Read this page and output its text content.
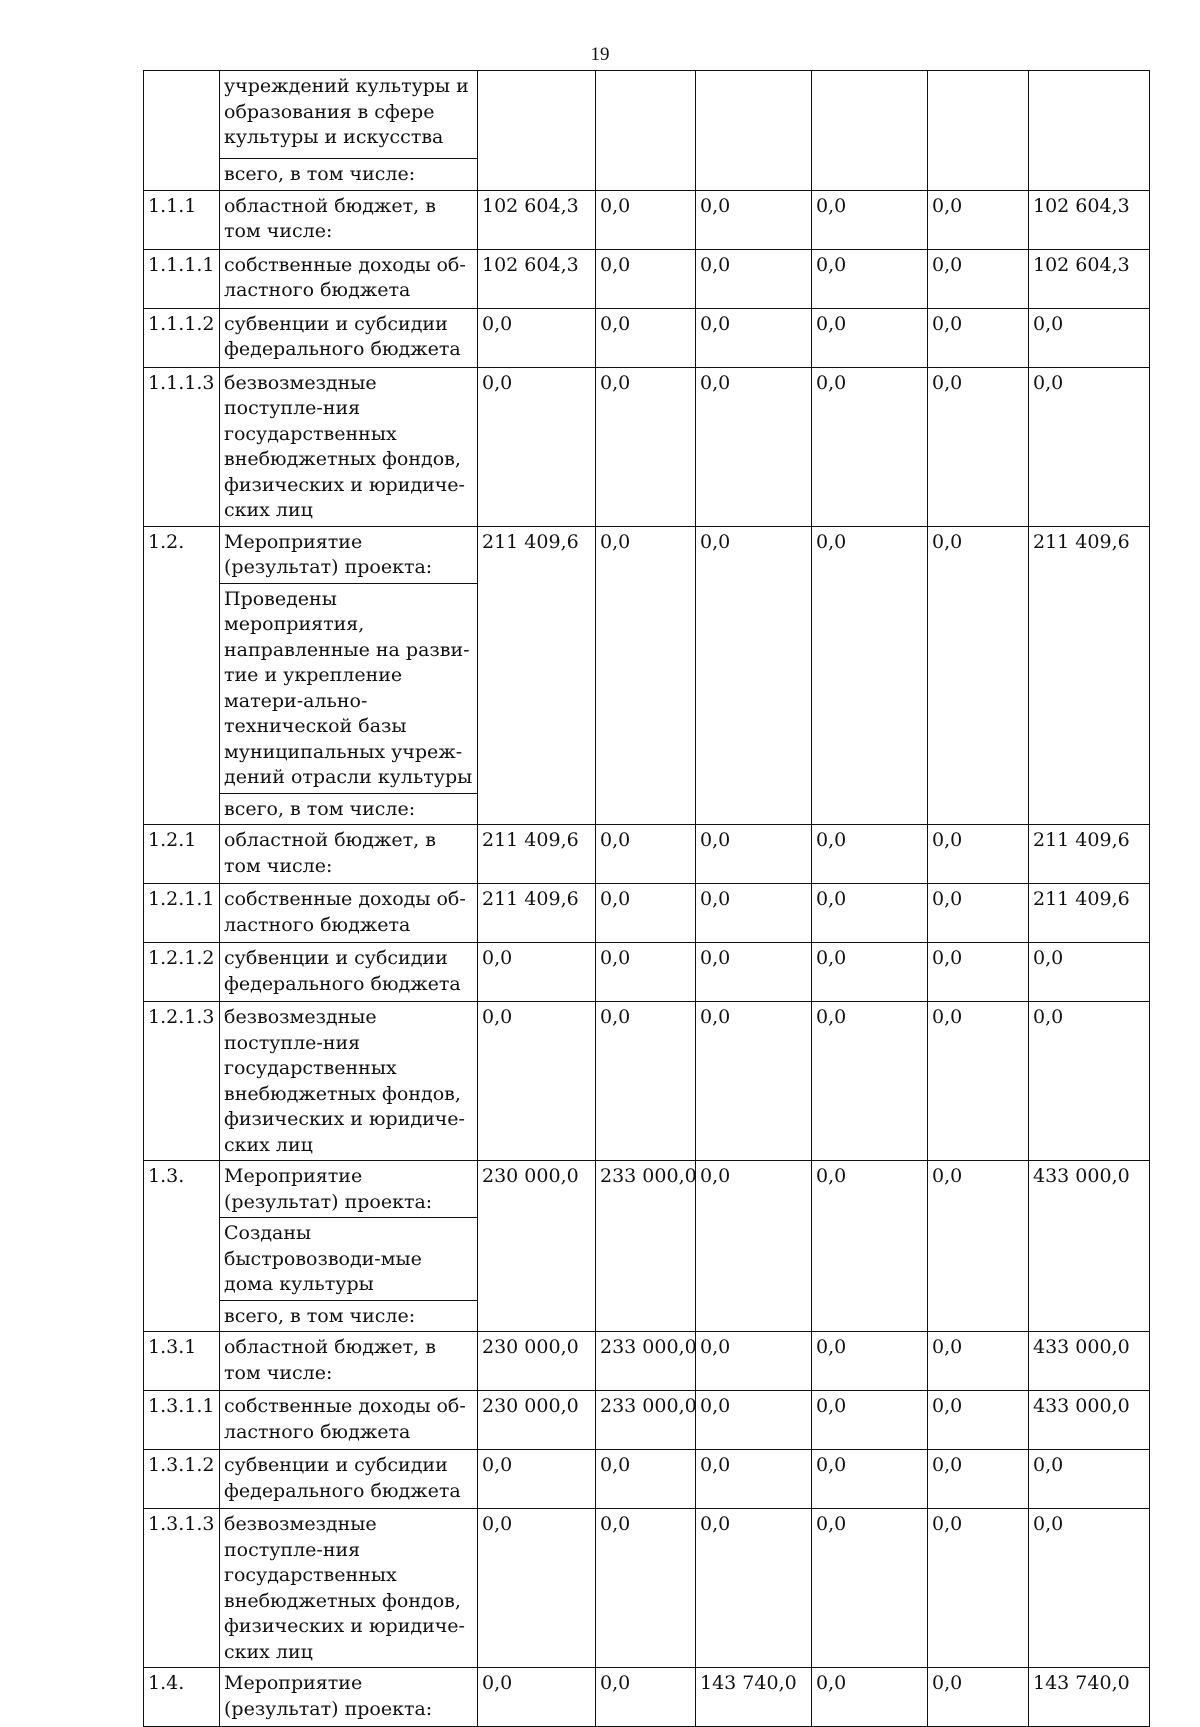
19
	учреждений культуры и образования в сфере культуры и искусства						
	всего, в том числе:						
1.1.1	областной бюджет, в том числе:	102 604,3	0,0	0,0	0,0	0,0	102 604,3
1.1.1.1	собственные доходы об-ластного бюджета	102 604,3	0,0	0,0	0,0	0,0	102 604,3
1.1.1.2	субвенции и субсидии федерального бюджета	0,0	0,0	0,0	0,0	0,0	0,0
1.1.1.3	безвозмездные поступле-ния государственных внебюджетных фондов, физических и юридиче-ских лиц	0,0	0,0	0,0	0,0	0,0	0,0
1.2.	Мероприятие (результат) проекта:	211 409,6	0,0	0,0	0,0	0,0	211 409,6
	Проведены мероприятия, направленные на разви-тие и укрепление матери-ально-технической базы муниципальных учреж-дений отрасли культуры						
	всего, в том числе:						
1.2.1	областной бюджет, в том числе:	211 409,6	0,0	0,0	0,0	0,0	211 409,6
1.2.1.1	собственные доходы об-ластного бюджета	211 409,6	0,0	0,0	0,0	0,0	211 409,6
1.2.1.2	субвенции и субсидии федерального бюджета	0,0	0,0	0,0	0,0	0,0	0,0
1.2.1.3	безвозмездные поступле-ния государственных внебюджетных фондов, физических и юридиче-ских лиц	0,0	0,0	0,0	0,0	0,0	0,0
1.3.	Мероприятие (результат) проекта:	230 000,0	233 000,0	0,0	0,0	0,0	433 000,0
	Созданы быстровозводи-мые дома культуры						
	всего, в том числе:						
1.3.1	областной бюджет, в том числе:	230 000,0	233 000,0	0,0	0,0	0,0	433 000,0
1.3.1.1	собственные доходы об-ластного бюджета	230 000,0	233 000,0	0,0	0,0	0,0	433 000,0
1.3.1.2	субвенции и субсидии федерального бюджета	0,0	0,0	0,0	0,0	0,0	0,0
1.3.1.3	безвозмездные поступле-ния государственных внебюджетных фондов, физических и юридиче-ских лиц	0,0	0,0	0,0	0,0	0,0	0,0
1.4.	Мероприятие (результат) проекта:	0,0	0,0	143 740,0	0,0	0,0	143 740,0
